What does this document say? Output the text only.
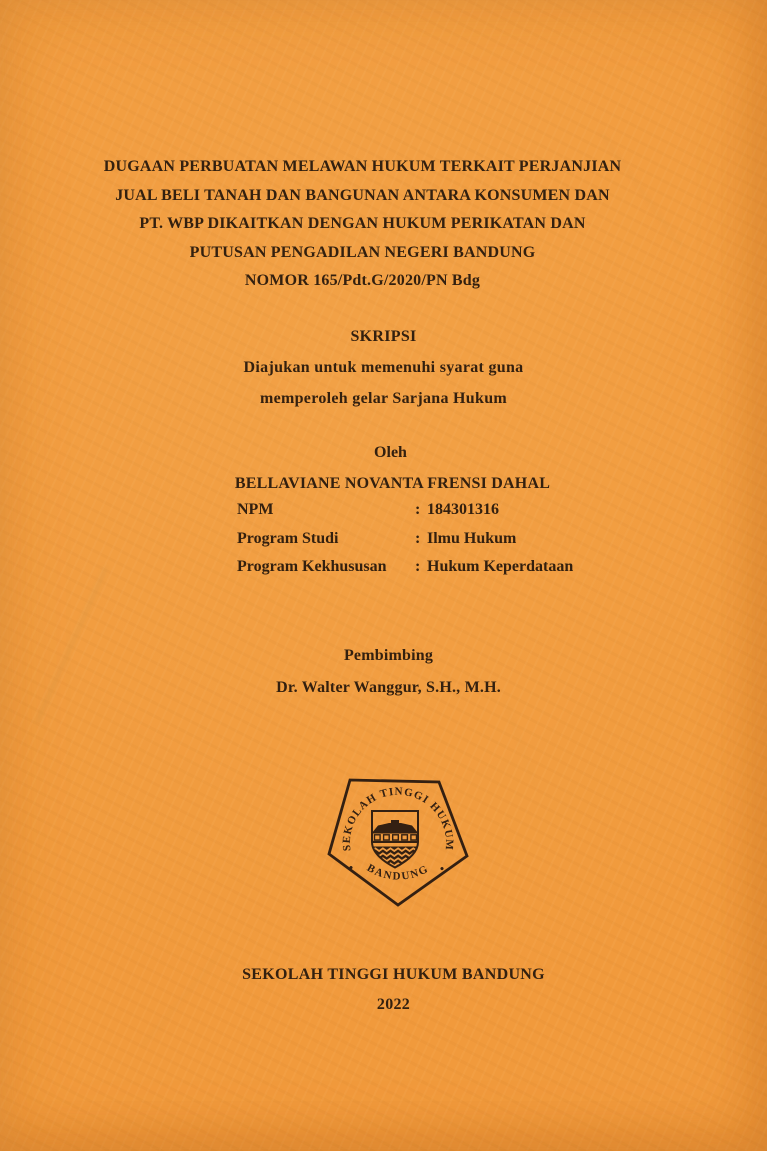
DUGAAN PERBUATAN MELAWAN HUKUM TERKAIT PERJANJIAN
JUAL BELI TANAH DAN BANGUNAN ANTARA KONSUMEN DAN
PT. WBP DIKAITKAN DENGAN HUKUM PERIKATAN DAN
PUTUSAN PENGADILAN NEGERI BANDUNG
NOMOR 165/Pdt.G/2020/PN Bdg
SKRIPSI
Diajukan untuk memenuhi syarat guna
memperoleh gelar Sarjana Hukum
Oleh
BELLAVIANE NOVANTA FRENSI DAHAL
NPM	: 184301316
Program Studi	: Ilmu Hukum
Program Kekhususan	: Hukum Keperdataan
Pembimbing
Dr. Walter Wanggur, S.H., M.H.
SEKOLAH TINGGI HUKUM
BANDUNG
•	•
SEKOLAH TINGGI HUKUM BANDUNG
2022
